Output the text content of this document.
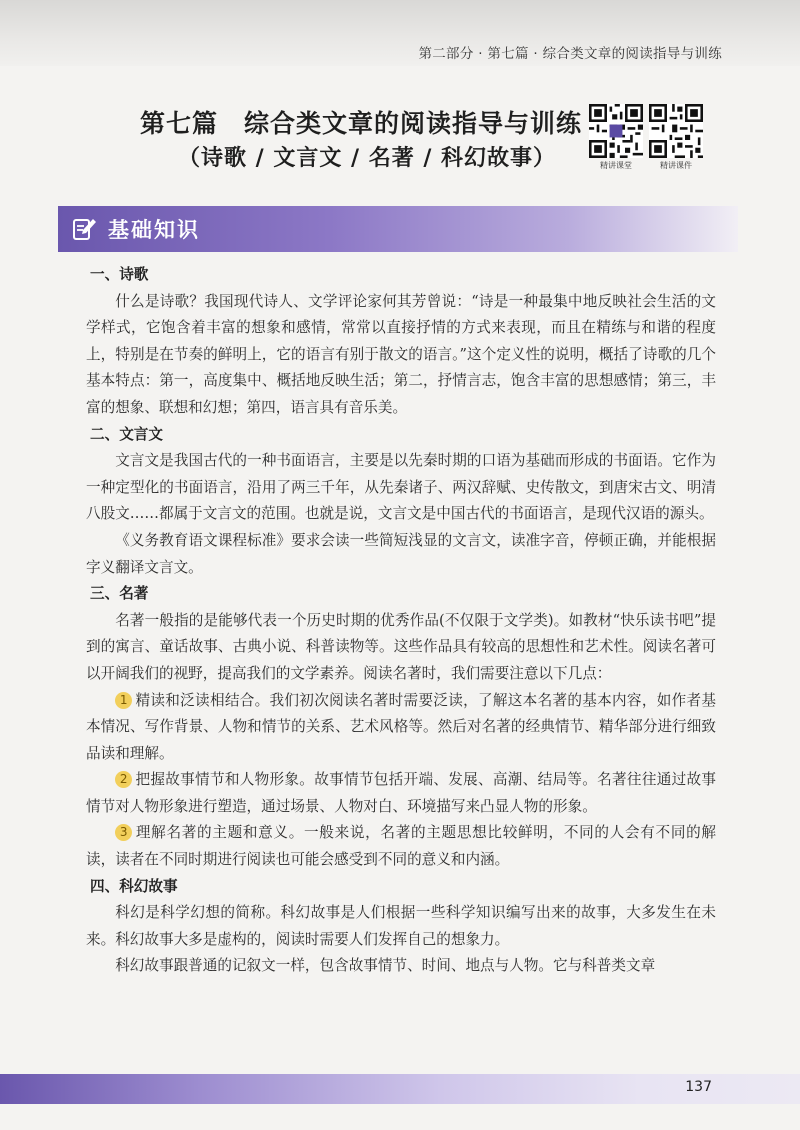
第二部分 · 第七篇 · 综合类文章的阅读指导与训练
第七篇　综合类文章的阅读指导与训练
（诗歌 / 文言文 / 名著 / 科幻故事）	精讲课堂	精讲课件
基础知识

一、诗歌

什么是诗歌？我国现代诗人、文学评论家何其芳曾说：“诗是一种最集中地反映社会生活的文学样式，它饱含着丰富的想象和感情，常常以直接抒情的方式来表现，而且在精练与和谐的程度上，特别是在节奏的鲜明上，它的语言有别于散文的语言。”这个定义性的说明，概括了诗歌的几个基本特点：第一，高度集中、概括地反映生活；第二，抒情言志，饱含丰富的思想感情；第三，丰富的想象、联想和幻想；第四，语言具有音乐美。

二、文言文

文言文是我国古代的一种书面语言，主要是以先秦时期的口语为基础而形成的书面语。它作为一种定型化的书面语言，沿用了两三千年，从先秦诸子、两汉辞赋、史传散文，到唐宋古文、明清八股文……都属于文言文的范围。也就是说，文言文是中国古代的书面语言，是现代汉语的源头。

《义务教育语文课程标准》要求会读一些简短浅显的文言文，读准字音，停顿正确，并能根据字义翻译文言文。

三、名著

名著一般指的是能够代表一个历史时期的优秀作品(不仅限于文学类)。如教材“快乐读书吧”提到的寓言、童话故事、古典小说、科普读物等。这些作品具有较高的思想性和艺术性。阅读名著可以开阔我们的视野，提高我们的文学素养。阅读名著时，我们需要注意以下几点：

1 精读和泛读相结合。我们初次阅读名著时需要泛读，了解这本名著的基本内容，如作者基本情况、写作背景、人物和情节的关系、艺术风格等。然后对名著的经典情节、精华部分进行细致品读和理解。

2 把握故事情节和人物形象。故事情节包括开端、发展、高潮、结局等。名著往往通过故事情节对人物形象进行塑造，通过场景、人物对白、环境描写来凸显人物的形象。

3 理解名著的主题和意义。一般来说，名著的主题思想比较鲜明，不同的人会有不同的解读，读者在不同时期进行阅读也可能会感受到不同的意义和内涵。

四、科幻故事

科幻是科学幻想的简称。科幻故事是人们根据一些科学知识编写出来的故事，大多发生在未来。科幻故事大多是虚构的，阅读时需要人们发挥自己的想象力。

科幻故事跟普通的记叙文一样，包含故事情节、时间、地点与人物。它与科普类文章

137
